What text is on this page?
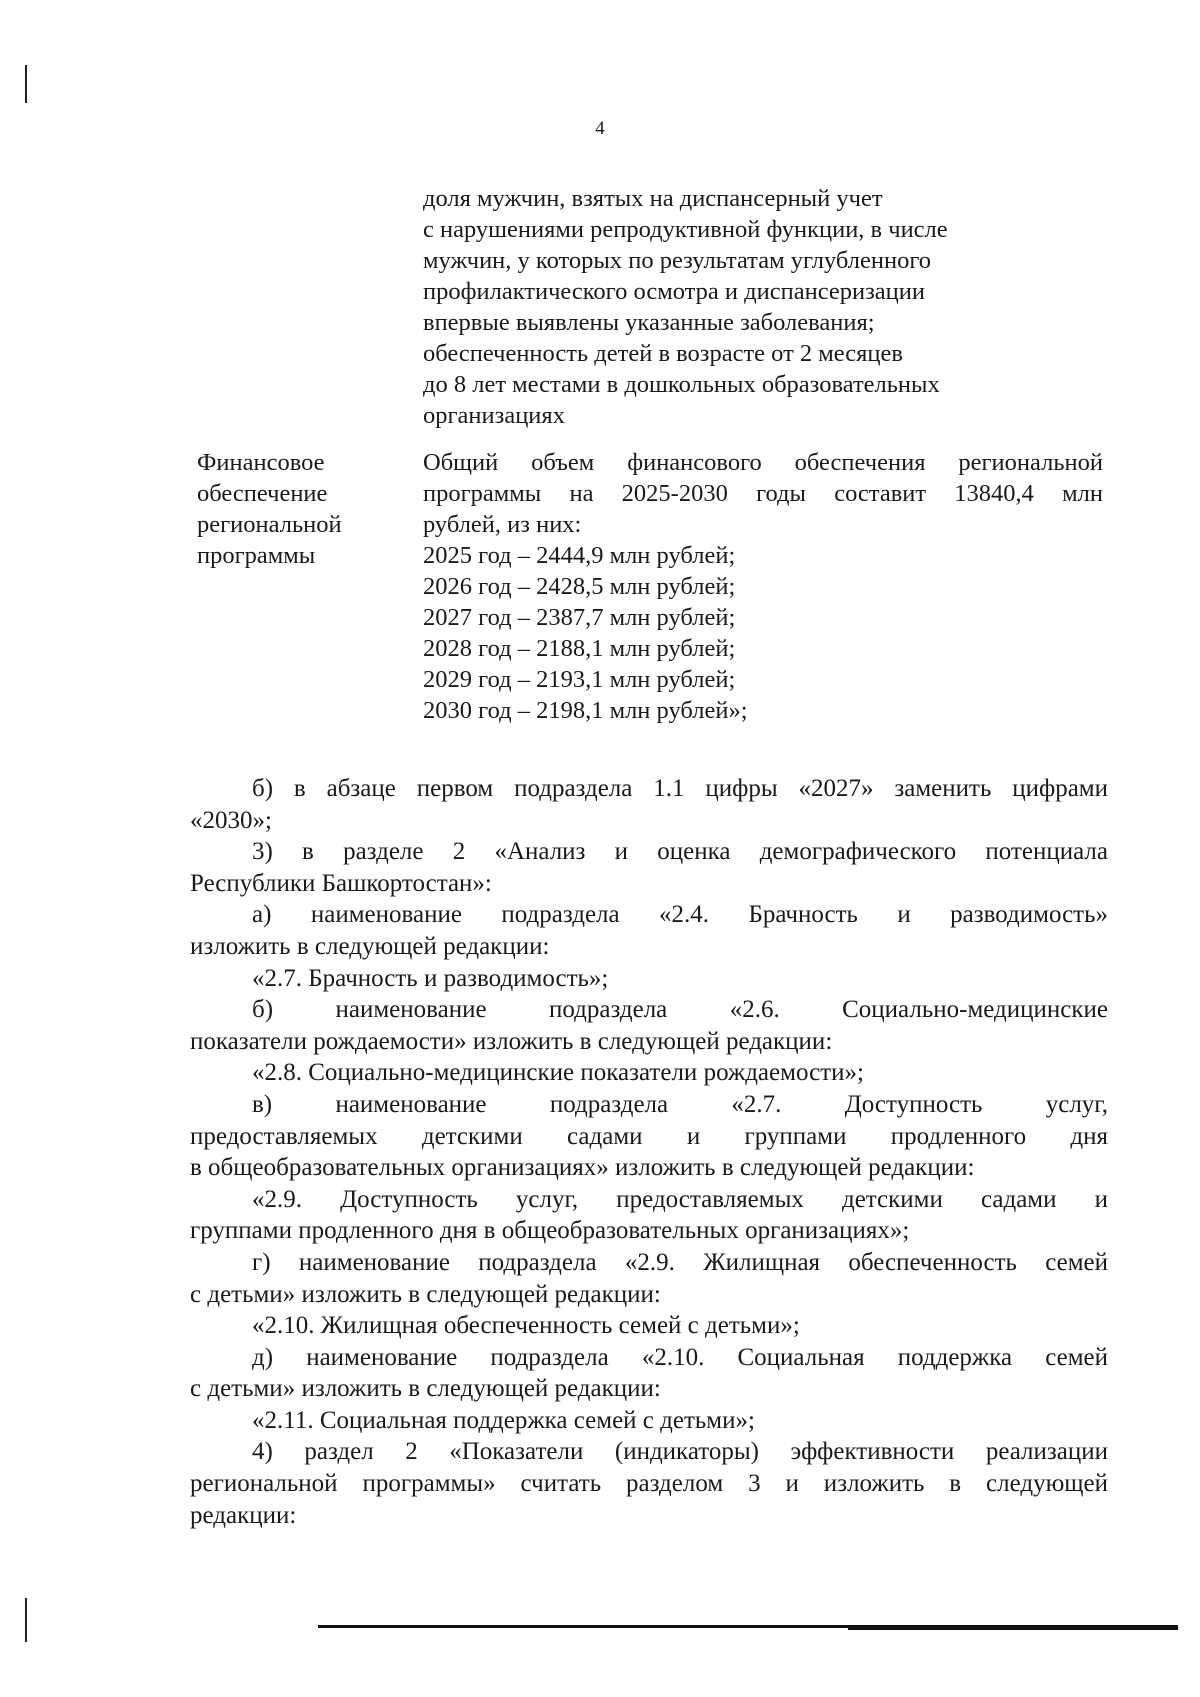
4
доля мужчин, взятых на диспансерный учет
с нарушениями репродуктивной функции, в числе
мужчин, у которых по результатам углубленного
профилактического осмотра и диспансеризации
впервые выявлены указанные заболевания;
обеспеченность детей в возрасте от 2 месяцев
до 8 лет местами в дошкольных образовательных
организациях
Финансовое
обеспечение
региональной
программы
Общий объем финансового обеспечения региональной
программы на 2025-2030 годы составит 13840,4 млн
рублей, из них:
2025 год – 2444,9 млн рублей;
2026 год – 2428,5 млн рублей;
2027 год – 2387,7 млн рублей;
2028 год – 2188,1 млн рублей;
2029 год – 2193,1 млн рублей;
2030 год – 2198,1 млн рублей»;
б) в абзаце первом подраздела 1.1 цифры «2027» заменить цифрами
«2030»;
3) в разделе 2 «Анализ и оценка демографического потенциала
Республики Башкортостан»:
а) наименование подраздела «2.4. Брачность и разводимость»
изложить в следующей редакции:
«2.7. Брачность и разводимость»;
б) наименование подраздела «2.6. Социально-медицинские
показатели рождаемости» изложить в следующей редакции:
«2.8. Социально-медицинские показатели рождаемости»;
в) наименование подраздела «2.7. Доступность услуг,
предоставляемых детскими садами и группами продленного дня
в общеобразовательных организациях» изложить в следующей редакции:
«2.9. Доступность услуг, предоставляемых детскими садами и
группами продленного дня в общеобразовательных организациях»;
г) наименование подраздела «2.9. Жилищная обеспеченность семей
с детьми» изложить в следующей редакции:
«2.10. Жилищная обеспеченность семей с детьми»;
д) наименование подраздела «2.10. Социальная поддержка семей
с детьми» изложить в следующей редакции:
«2.11. Социальная поддержка семей с детьми»;
4) раздел 2 «Показатели (индикаторы) эффективности реализации
региональной программы» считать разделом 3 и изложить в следующей
редакции:
